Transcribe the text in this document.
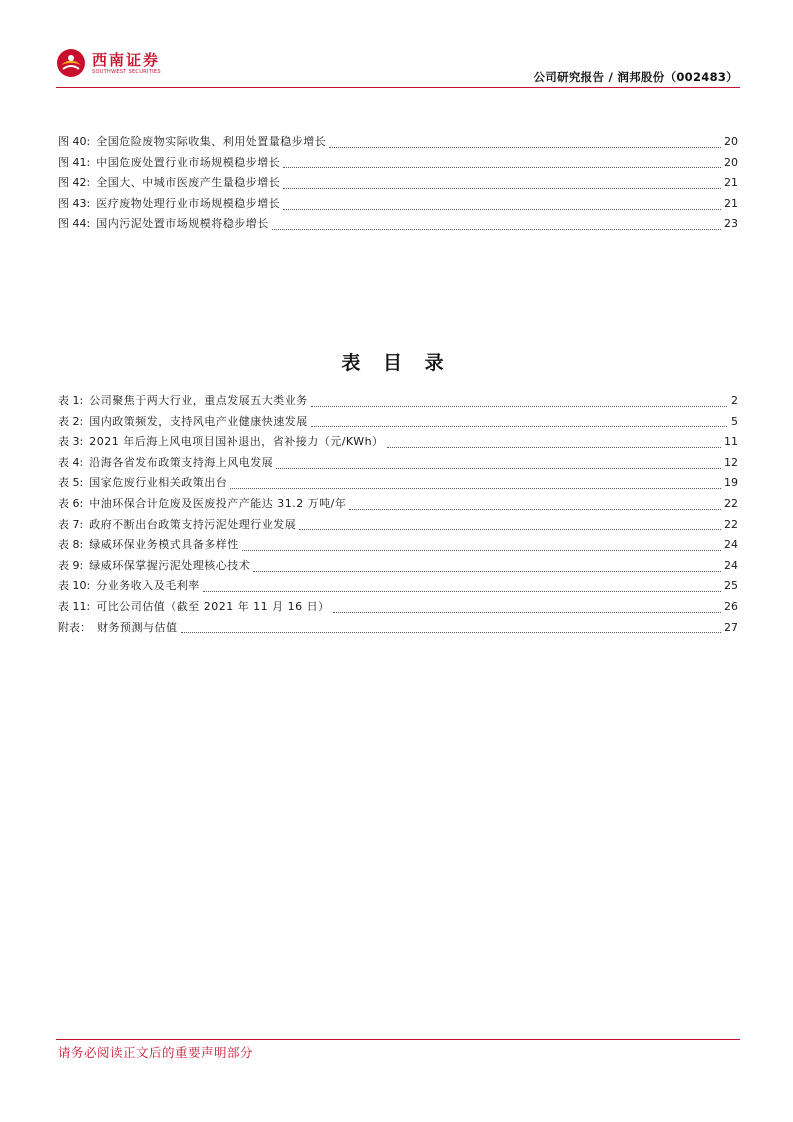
西南证券
SOUTHWEST SECURITIES	公司研究报告 / 润邦股份（002483）
图 40: 全国危险废物实际收集、利用处置量稳步增长	20
图 41: 中国危废处置行业市场规模稳步增长	20
图 42: 全国大、中城市医废产生量稳步增长	21
图 43: 医疗废物处理行业市场规模稳步增长	21
图 44: 国内污泥处置市场规模将稳步增长	23
表 目 录
表 1: 公司聚焦于两大行业，重点发展五大类业务	2
表 2: 国内政策频发，支持风电产业健康快速发展	5
表 3: 2021 年后海上风电项目国补退出，省补接力（元/KWh）	11
表 4: 沿海各省发布政策支持海上风电发展	12
表 5: 国家危废行业相关政策出台	19
表 6: 中油环保合计危废及医废投产产能达 31.2 万吨/年	22
表 7: 政府不断出台政策支持污泥处理行业发展	22
表 8: 绿威环保业务模式具备多样性	24
表 9: 绿威环保掌握污泥处理核心技术	24
表 10: 分业务收入及毛利率	25
表 11: 可比公司估值（截至 2021 年 11 月 16 日）	26
附表： 财务预测与估值	27
请务必阅读正文后的重要声明部分
